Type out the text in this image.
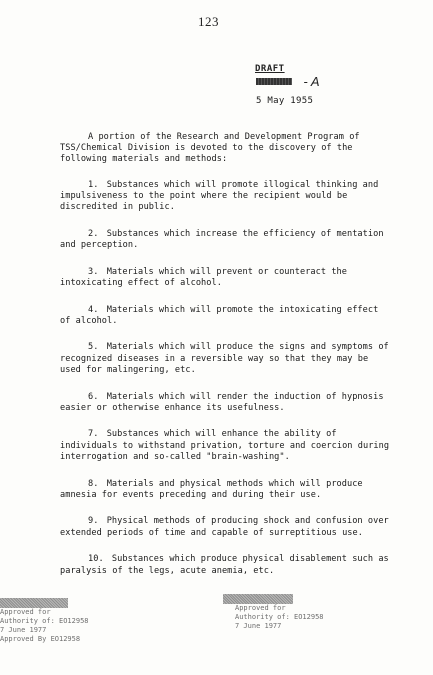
123
DRAFT
- A
5 May 1955

A portion of the Research and Development Program of TSS/Chemical Division is devoted to the discovery of the following materials and methods:

1. Substances which will promote illogical thinking and impulsiveness to the point where the recipient would be discredited in public.
2. Substances which increase the efficiency of mentation and perception.
3. Materials which will prevent or counteract the intoxicating effect of alcohol.
4. Materials which will promote the intoxicating effect of alcohol.
5. Materials which will produce the signs and symptoms of recognized diseases in a reversible way so that they may be used for malingering, etc.
6. Materials which will render the induction of hypnosis easier or otherwise enhance its usefulness.
7. Substances which will enhance the ability of individuals to withstand privation, torture and coercion during interrogation and so-called "brain-washing".
8. Materials and physical methods which will produce amnesia for events preceding and during their use.
9. Physical methods of producing shock and confusion over extended periods of time and capable of surreptitious use.
10. Substances which produce physical disablement such as paralysis of the legs, acute anemia, etc.
Approved for
Authority of: EO12958
7 June 1977
Approved By EO12958
Approved for
Authority of: EO12958
7 June 1977
